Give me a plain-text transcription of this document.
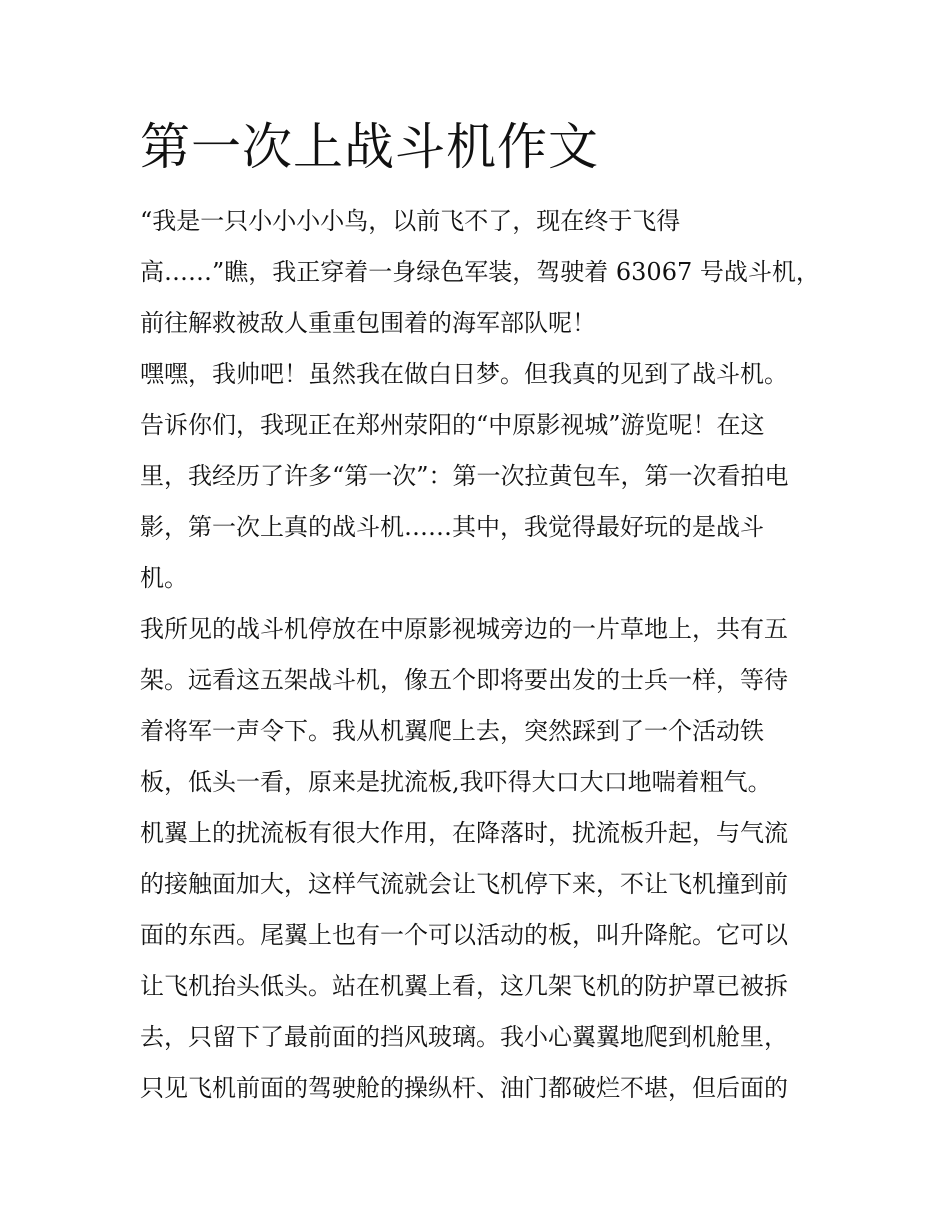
第一次上战斗机作文
“我是一只小小小小鸟，以前飞不了，现在终于飞得
高……”瞧，我正穿着一身绿色军装，驾驶着 63067 号战斗机，
前往解救被敌人重重包围着的海军部队呢！
嘿嘿，我帅吧！虽然我在做白日梦。但我真的见到了战斗机。
告诉你们，我现正在郑州荥阳的“中原影视城”游览呢！在这
里，我经历了许多“第一次”：第一次拉黄包车，第一次看拍电
影，第一次上真的战斗机……其中，我觉得最好玩的是战斗
机。
我所见的战斗机停放在中原影视城旁边的一片草地上，共有五
架。远看这五架战斗机，像五个即将要出发的士兵一样，等待
着将军一声令下。我从机翼爬上去，突然踩到了一个活动铁
板，低头一看，原来是扰流板,我吓得大口大口地喘着粗气。
机翼上的扰流板有很大作用，在降落时，扰流板升起，与气流
的接触面加大，这样气流就会让飞机停下来，不让飞机撞到前
面的东西。尾翼上也有一个可以活动的板，叫升降舵。它可以
让飞机抬头低头。站在机翼上看，这几架飞机的防护罩已被拆
去，只留下了最前面的挡风玻璃。我小心翼翼地爬到机舱里，
只见飞机前面的驾驶舱的操纵杆、油门都破烂不堪，但后面的
